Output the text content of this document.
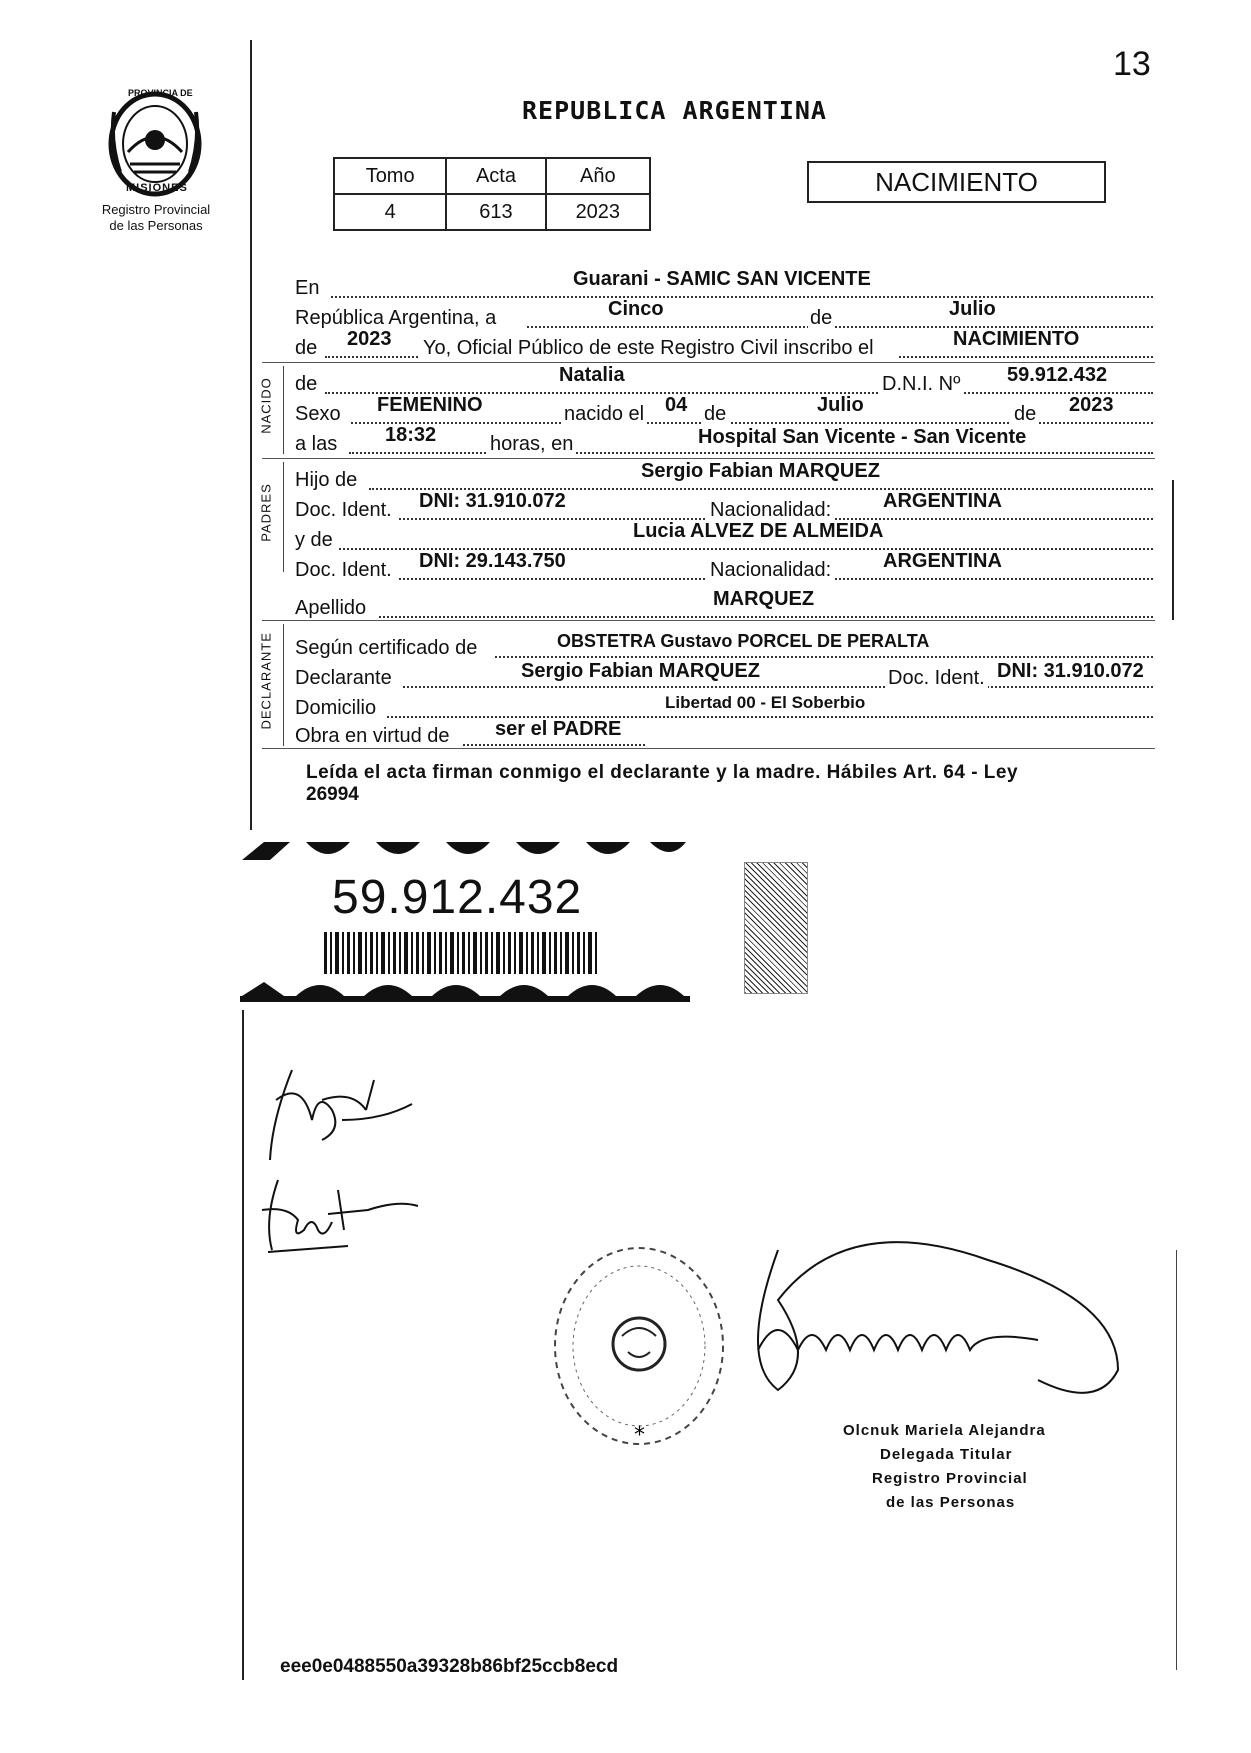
13
PROVINCIA DE
MISIONES
Registro Provincial
de las Personas
REPUBLICA ARGENTINA
Tomo	Acta	Año
4	613	2023
NACIMIENTO
En	Guarani - SAMIC SAN VICENTE
República Argentina, a	Cinco	de	Julio
de 2023 Yo, Oficial Público de este Registro Civil inscribo el	NACIMIENTO
NACIDO
PADRES
DECLARANTE
de	Natalia	D.N.I. Nº 59.912.432
Sexo FEMENINO	nacido el 04 de	Julio	de 2023
a las 18:32	horas, en	Hospital San Vicente - San Vicente
Hijo de	Sergio Fabian MARQUEZ
Doc. Ident. DNI: 31.910.072	Nacionalidad:	ARGENTINA
y de	Lucia ALVEZ DE ALMEIDA
Doc. Ident. DNI: 29.143.750	Nacionalidad:	ARGENTINA
Apellido	MARQUEZ
Según certificado de	OBSTETRA Gustavo PORCEL DE PERALTA
Declarante	Sergio Fabian MARQUEZ	Doc. Ident. DNI: 31.910.072
Domicilio	Libertad 00 - El Soberbio
Obra en virtud de ser el PADRE
Leída el acta firman conmigo el declarante y la madre. Hábiles Art. 64 - Ley
26994
59.912.432
*	Olcnuk Mariela Alejandra
Delegada Titular
Registro Provincial
de las Personas
eee0e0488550a39328b86bf25ccb8ecd
